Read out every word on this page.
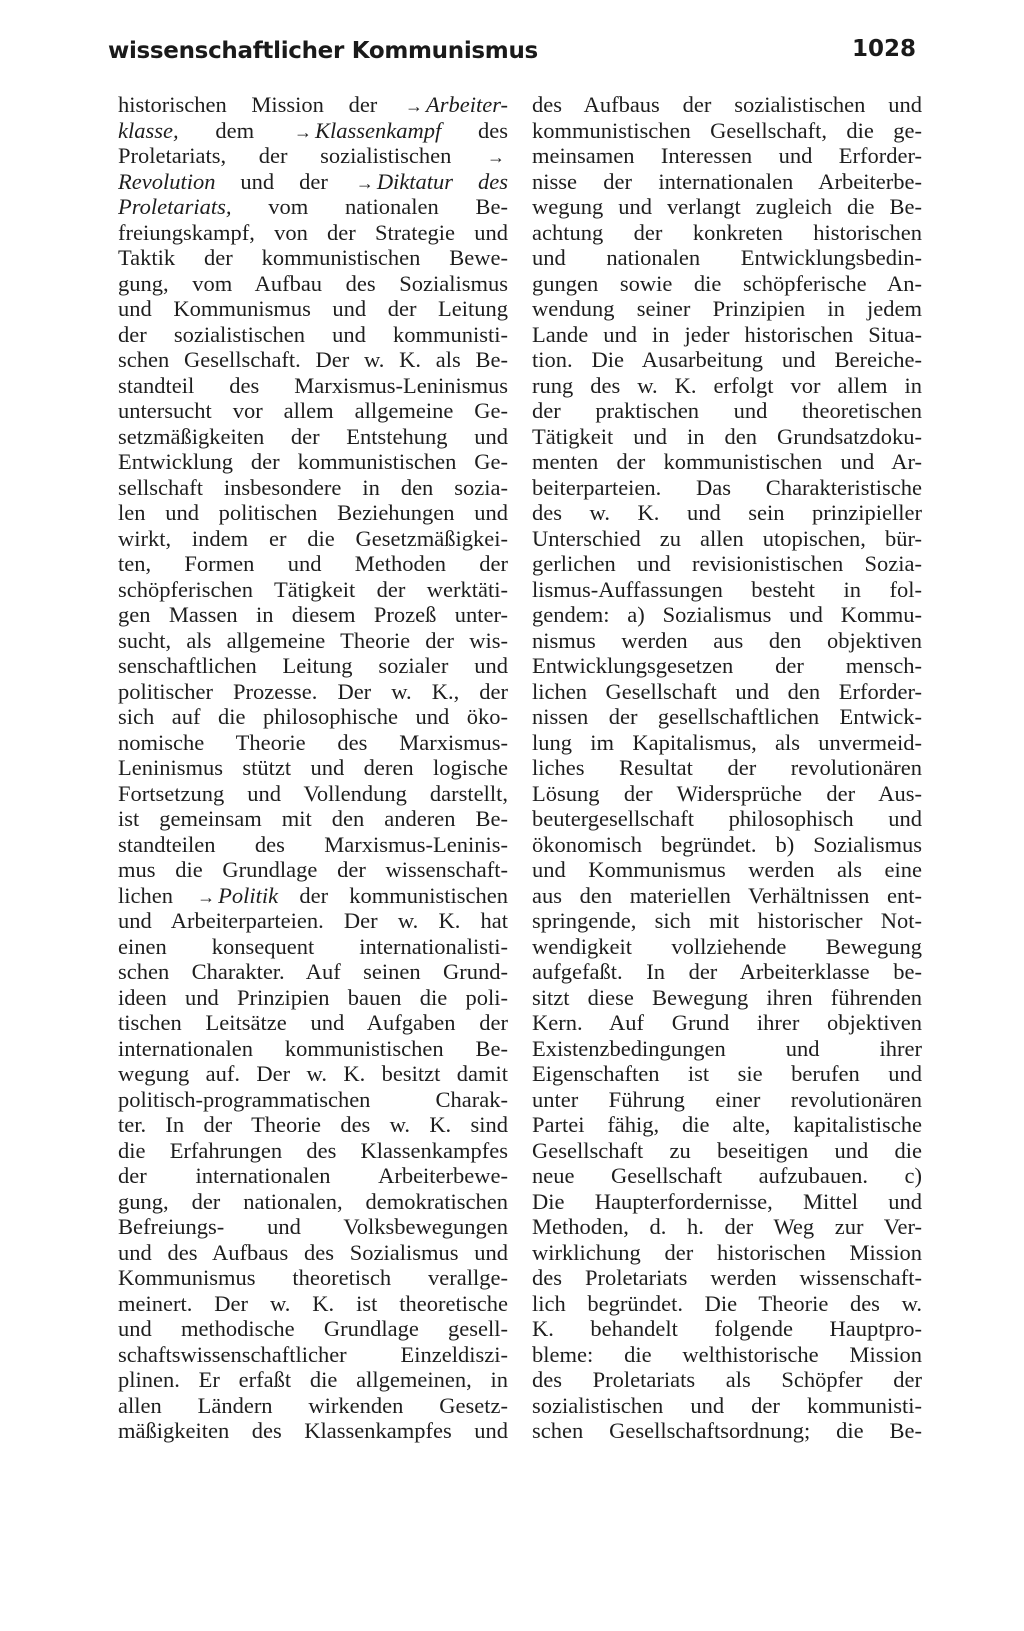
wissenschaftlicher Kommunismus	1028
historischen Mission der → Arbeiter-
klasse, dem → Klassenkampf des
Proletariats, der sozialistischen →
Revolution und der → Diktatur des
Proletariats, vom nationalen Be-
freiungskampf, von der Strategie und
Taktik der kommunistischen Bewe-
gung, vom Aufbau des Sozialismus
und Kommunismus und der Leitung
der sozialistischen und kommunisti-
schen Gesellschaft. Der w. K. als Be-
standteil des Marxismus-Leninismus
untersucht vor allem allgemeine Ge-
setzmäßigkeiten der Entstehung und
Entwicklung der kommunistischen Ge-
sellschaft insbesondere in den sozia-
len und politischen Beziehungen und
wirkt, indem er die Gesetzmäßigkei-
ten, Formen und Methoden der
schöpferischen Tätigkeit der werktäti-
gen Massen in diesem Prozeß unter-
sucht, als allgemeine Theorie der wis-
senschaftlichen Leitung sozialer und
politischer Prozesse. Der w. K., der
sich auf die philosophische und öko-
nomische Theorie des Marxismus-
Leninismus stützt und deren logische
Fortsetzung und Vollendung darstellt,
ist gemeinsam mit den anderen Be-
standteilen des Marxismus-Leninis-
mus die Grundlage der wissenschaft-
lichen → Politik der kommunistischen
und Arbeiterparteien. Der w. K. hat
einen konsequent internationalisti-
schen Charakter. Auf seinen Grund-
ideen und Prinzipien bauen die poli-
tischen Leitsätze und Aufgaben der
internationalen kommunistischen Be-
wegung auf. Der w. K. besitzt damit
politisch-programmatischen Charak-
ter. In der Theorie des w. K. sind
die Erfahrungen des Klassenkampfes
der internationalen Arbeiterbewe-
gung, der nationalen, demokratischen
Befreiungs- und Volksbewegungen
und des Aufbaus des Sozialismus und
Kommunismus theoretisch verallge-
meinert. Der w. K. ist theoretische
und methodische Grundlage gesell-
schaftswissenschaftlicher Einzeldiszi-
plinen. Er erfaßt die allgemeinen, in
allen Ländern wirkenden Gesetz-
mäßigkeiten des Klassenkampfes und
des Aufbaus der sozialistischen und
kommunistischen Gesellschaft, die ge-
meinsamen Interessen und Erforder-
nisse der internationalen Arbeiterbe-
wegung und verlangt zugleich die Be-
achtung der konkreten historischen
und nationalen Entwicklungsbedin-
gungen sowie die schöpferische An-
wendung seiner Prinzipien in jedem
Lande und in jeder historischen Situa-
tion. Die Ausarbeitung und Bereiche-
rung des w. K. erfolgt vor allem in
der praktischen und theoretischen
Tätigkeit und in den Grundsatzdoku-
menten der kommunistischen und Ar-
beiterparteien. Das Charakteristische
des w. K. und sein prinzipieller
Unterschied zu allen utopischen, bür-
gerlichen und revisionistischen Sozia-
lismus-Auffassungen besteht in fol-
gendem: a) Sozialismus und Kommu-
nismus werden aus den objektiven
Entwicklungsgesetzen der mensch-
lichen Gesellschaft und den Erforder-
nissen der gesellschaftlichen Entwick-
lung im Kapitalismus, als unvermeid-
liches Resultat der revolutionären
Lösung der Widersprüche der Aus-
beutergesellschaft philosophisch und
ökonomisch begründet. b) Sozialismus
und Kommunismus werden als eine
aus den materiellen Verhältnissen ent-
springende, sich mit historischer Not-
wendigkeit vollziehende Bewegung
aufgefaßt. In der Arbeiterklasse be-
sitzt diese Bewegung ihren führenden
Kern. Auf Grund ihrer objektiven
Existenzbedingungen und ihrer
Eigenschaften ist sie berufen und
unter Führung einer revolutionären
Partei fähig, die alte, kapitalistische
Gesellschaft zu beseitigen und die
neue Gesellschaft aufzubauen. c)
Die Haupterfordernisse, Mittel und
Methoden, d. h. der Weg zur Ver-
wirklichung der historischen Mission
des Proletariats werden wissenschaft-
lich begründet. Die Theorie des w.
K. behandelt folgende Hauptpro-
bleme: die welthistorische Mission
des Proletariats als Schöpfer der
sozialistischen und der kommunisti-
schen Gesellschaftsordnung; die Be-
